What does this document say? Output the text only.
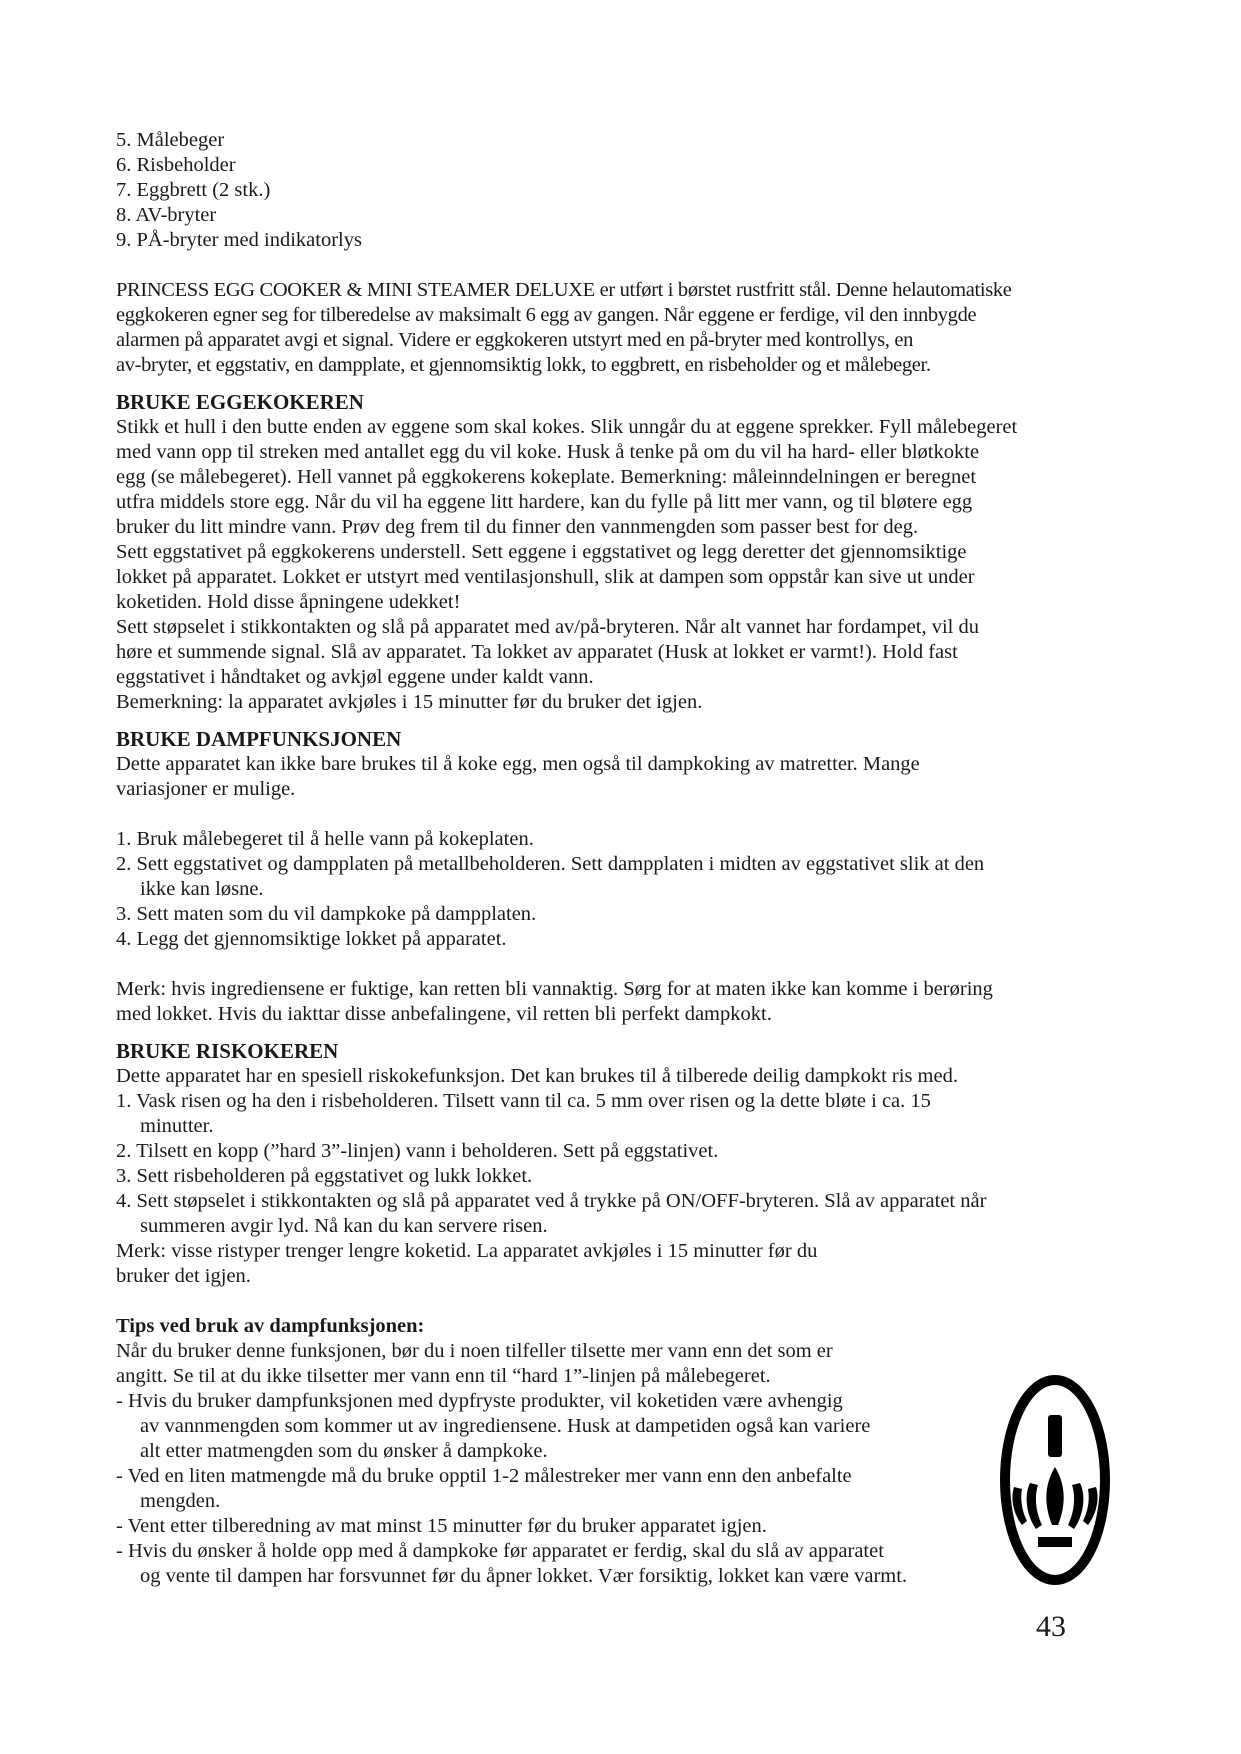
5. Målebeger
6. Risbeholder
7. Eggbrett (2 stk.)
8. AV-bryter
9. PÅ-bryter med indikatorlys
PRINCESS EGG COOKER & MINI STEAMER DELUXE er utført i børstet rustfritt stål. Denne helautomatiske
eggkokeren egner seg for tilberedelse av maksimalt 6 egg av gangen. Når eggene er ferdige, vil den innbygde
alarmen på apparatet avgi et signal. Videre er eggkokeren utstyrt med en på-bryter med kontrollys, en
av-bryter, et eggstativ, en dampplate, et gjennomsiktig lokk, to eggbrett, en risbeholder og et målebeger.
BRUKE EGGEKOKEREN
Stikk et hull i den butte enden av eggene som skal kokes. Slik unngår du at eggene sprekker. Fyll målebegeret
med vann opp til streken med antallet egg du vil koke. Husk å tenke på om du vil ha hard- eller bløtkokte
egg (se målebegeret). Hell vannet på eggkokerens kokeplate. Bemerkning: måleinndelningen er beregnet
utfra middels store egg. Når du vil ha eggene litt hardere, kan du fylle på litt mer vann, og til bløtere egg
bruker du litt mindre vann. Prøv deg frem til du finner den vannmengden som passer best for deg.
Sett eggstativet på eggkokerens understell. Sett eggene i eggstativet og legg deretter det gjennomsiktige
lokket på apparatet. Lokket er utstyrt med ventilasjonshull, slik at dampen som oppstår kan sive ut under
koketiden. Hold disse åpningene udekket!
Sett støpselet i stikkontakten og slå på apparatet med av/på-bryteren. Når alt vannet har fordampet, vil du
høre et summende signal. Slå av apparatet. Ta lokket av apparatet (Husk at lokket er varmt!). Hold fast
eggstativet i håndtaket og avkjøl eggene under kaldt vann.
Bemerkning: la apparatet avkjøles i 15 minutter før du bruker det igjen.
BRUKE DAMPFUNKSJONEN
Dette apparatet kan ikke bare brukes til å koke egg, men også til dampkoking av matretter. Mange
variasjoner er mulige.
1. Bruk målebegeret til å helle vann på kokeplaten.
2. Sett eggstativet og dampplaten på metallbeholderen. Sett dampplaten i midten av eggstativet slik at den
ikke kan løsne.
3. Sett maten som du vil dampkoke på dampplaten.
4. Legg det gjennomsiktige lokket på apparatet.
Merk: hvis ingrediensene er fuktige, kan retten bli vannaktig. Sørg for at maten ikke kan komme i berøring
med lokket. Hvis du iakttar disse anbefalingene, vil retten bli perfekt dampkokt.
BRUKE RISKOKEREN
Dette apparatet har en spesiell riskokefunksjon. Det kan brukes til å tilberede deilig dampkokt ris med.
1. Vask risen og ha den i risbeholderen. Tilsett vann til ca. 5 mm over risen og la dette bløte i ca. 15
minutter.
2. Tilsett en kopp (”hard 3”-linjen) vann i beholderen. Sett på eggstativet.
3. Sett risbeholderen på eggstativet og lukk lokket.
4. Sett støpselet i stikkontakten og slå på apparatet ved å trykke på ON/OFF-bryteren. Slå av apparatet når
summeren avgir lyd. Nå kan du kan servere risen.
Merk: visse ristyper trenger lengre koketid. La apparatet avkjøles i 15 minutter før du
bruker det igjen.
Tips ved bruk av dampfunksjonen:
Når du bruker denne funksjonen, bør du i noen tilfeller tilsette mer vann enn det som er
angitt. Se til at du ikke tilsetter mer vann enn til “hard 1”-linjen på målebegeret.
- Hvis du bruker dampfunksjonen med dypfryste produkter, vil koketiden være avhengig
av vannmengden som kommer ut av ingrediensene. Husk at dampetiden også kan variere
alt etter matmengden som du ønsker å dampkoke.
- Ved en liten matmengde må du bruke opptil 1-2 målestreker mer vann enn den anbefalte
mengden.
- Vent etter tilberedning av mat minst 15 minutter før du bruker apparatet igjen.
- Hvis du ønsker å holde opp med å dampkoke før apparatet er ferdig, skal du slå av apparatet
og vente til dampen har forsvunnet før du åpner lokket. Vær forsiktig, lokket kan være varmt.
43
